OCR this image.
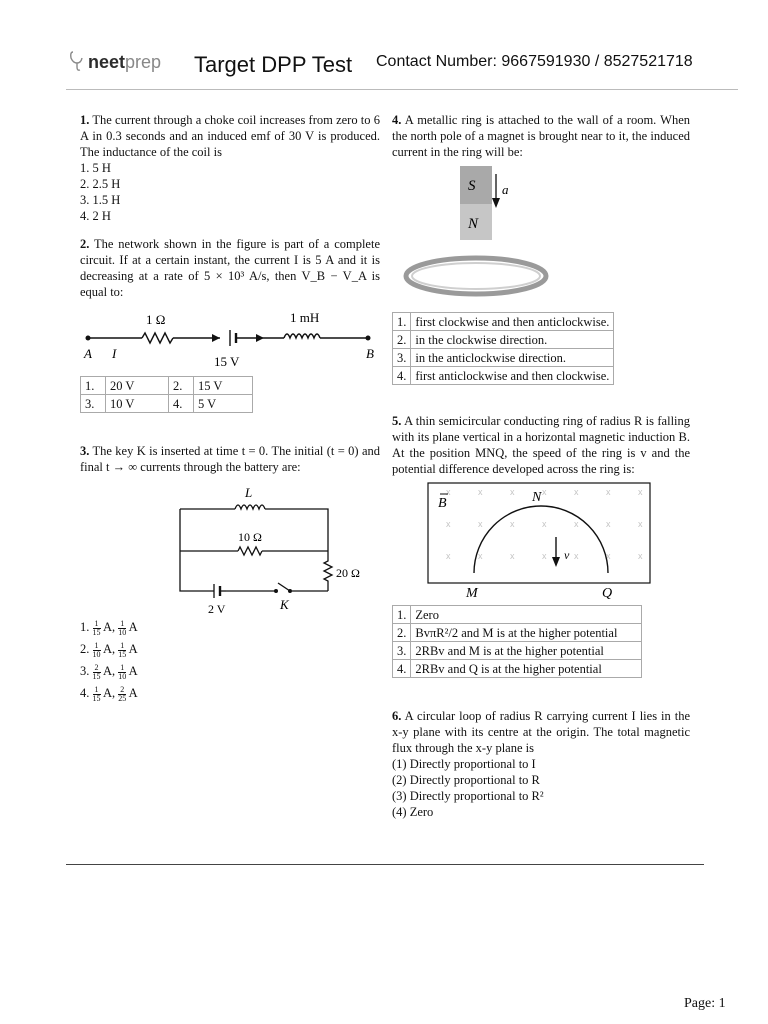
neetprep Target DPP Test Contact Number: 9667591930 / 8527521718

1. The current through a choke coil increases from zero to 6 A in 0.3 seconds and an induced emf of 30 V is produced. The inductance of the coil is

1. 5 H
2. 2.5 H
3. 1.5 H
4. 2 H

2. The network shown in the figure is part of a complete circuit. If at a certain instant, the current I is 5 A and it is decreasing at a rate of 5 × 10³ A/s, then V_B − V_A is equal to:

1 Ω	1 mH
A I
15 V
B
1.	20 V	2.	15 V
3.	10 V	4.	5 V

3. The key K is inserted at time t = 0. The initial (t = 0) and final t → ∞ currents through the battery are:

L
10 Ω
20 Ω
2 V	K
1. $\frac{1}{15} A$, $\frac{1}{10}$ A
2. $\frac{1}{10} A$, $\frac{1}{15}$ A
3. $\frac{2}{15} A$, $\frac{1}{10}$ A
4. $\frac{1}{15} A$, $\frac{2}{25}$ A

4. A metallic ring is attached to the wall of a room. When the north pole of a magnet is brought near to it, the induced current in the ring will be:

S
N
a
1.	first clockwise and then anticlockwise.
2.	in the clockwise direction.
3.	in the anticlockwise direction.
4.	first anticlockwise and then clockwise.

5. A thin semicircular conducting ring of radius R is falling with its plane vertical in a horizontal magnetic induction B. At the position MNQ, the speed of the ring is v and the potential difference developed across the ring is:

x	x	x	x	x	x	x
x	x	x	x	x	x	x
x	x	x	x	x	x	x
B	N
v
M	Q
1.	Zero
2.	BvπR²/2 and M is at the higher potential
3.	2RBv and M is at the higher potential
4.	2RBv and Q is at the higher potential

6. A circular loop of radius R carrying current I lies in the x-y plane with its centre at the origin. The total magnetic flux through the x-y plane is

(1) Directly proportional to I
(2) Directly proportional to R
(3) Directly proportional to R²
(4) Zero
Page: 1
